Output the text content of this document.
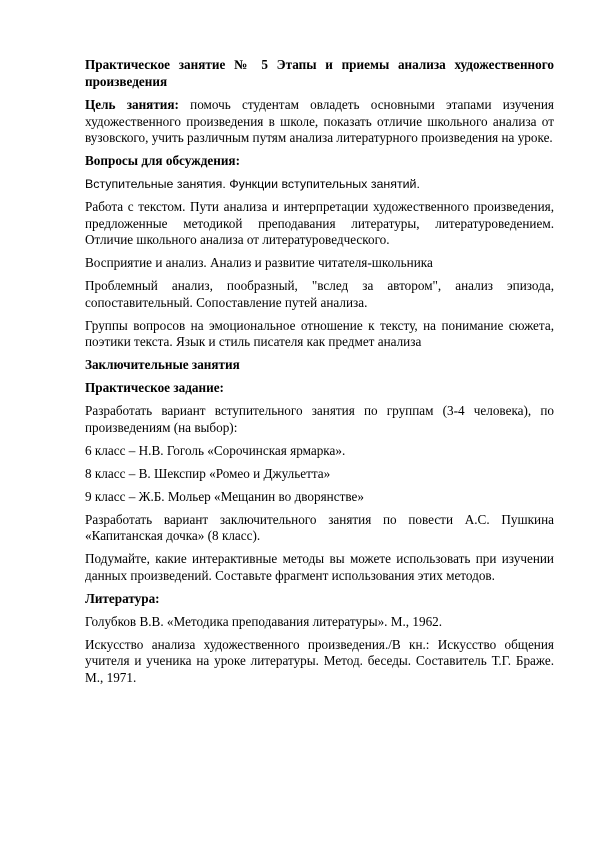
Практическое занятие № 5 Этапы и приемы анализа художественного произведения

Цель занятия: помочь студентам овладеть основными этапами изучения художественного произведения в школе, показать отличие школьного анализа от вузовского, учить различным путям анализа литературного произведения на уроке.

Вопросы для обсуждения:

Вступительные занятия. Функции вступительных занятий.

Работа с текстом. Пути анализа и интерпретации художественного произведения, предложенные методикой преподавания литературы, литературоведением. Отличие школьного анализа от литературоведческого.

Восприятие и анализ. Анализ и развитие читателя-школьника

Проблемный анализ, пообразный, "вслед за автором", анализ эпизода, сопоставительный. Сопоставление путей анализа.

Группы вопросов на эмоциональное отношение к тексту, на понимание сюжета, поэтики текста. Язык и стиль писателя как предмет анализа

Заключительные занятия
Практическое задание:

Разработать вариант вступительного занятия по группам (3-4 человека), по произведениям (на выбор):

6 класс – Н.В. Гоголь «Сорочинская ярмарка».

8 класс – В. Шекспир «Ромео и Джульетта»

9 класс – Ж.Б. Мольер «Мещанин во дворянстве»

Разработать вариант заключительного занятия по повести А.С. Пушкина «Капитанская дочка» (8 класс).

Подумайте, какие интерактивные методы вы можете использовать при изучении данных произведений. Составьте фрагмент использования этих методов.

Литература:

Голубков В.В. «Методика преподавания литературы». М., 1962.

Искусство анализа художественного произведения./В кн.: Искусство общения учителя и ученика на уроке литературы. Метод. беседы. Составитель Т.Г. Браже. М., 1971.
